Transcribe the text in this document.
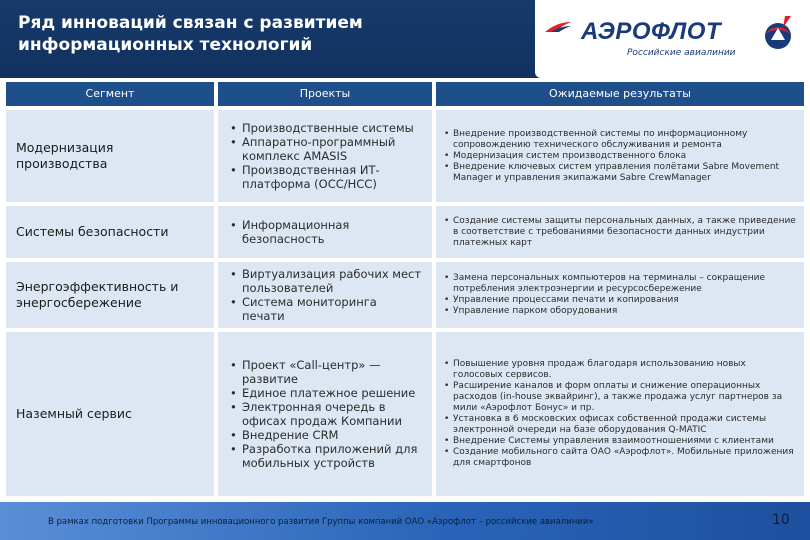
Ряд инноваций связан с развитием информационных технологий	АЭРОФЛОТ
Российские авиалинии
Сегмент	Проекты	Ожидаемые результаты
Модернизация производства
• Производственные системы
• Аппаратно-программный комплекс AMASIS
• Производственная ИТ-платформа (OCC/HCC)
• Внедрение производственной системы по информационному сопровождению технического обслуживания и ремонта
• Модернизация систем производственного блока
• Внедрение ключевых систем управления полётами Sabre Movement Manager и управления экипажами Sabre CrewManager
Системы безопасности
•	Информационная безопасность
• Создание системы защиты персональных данных, а также приведение в соответствие с требованиями безопасности данных индустрии платежных карт
Энергоэффективность и энергосбережение
• Виртуализация рабочих мест пользователей
• Система мониторинга печати
• Замена персональных компьютеров на терминалы – сокращение потребления электроэнергии и ресурсосбережение
• Управление процессами печати и копирования
• Управление парком оборудования
Наземный сервис
• Проект «Call-центр» — развитие
• Единое платежное решение
• Электронная очередь в офисах продаж Компании
• Внедрение CRM
• Разработка приложений для мобильных устройств
• Повышение уровня продаж благодаря использованию новых голосовых сервисов.
• Расширение каналов и форм оплаты и снижение операционных расходов (in-house эквайринг), а также продажа услуг партнеров за мили «Аэрофлот Бонус» и пр.
• Установка в 6 московских офисах собственной продажи системы электронной очереди на базе оборудования Q-MATIC
• Внедрение Системы управления взаимоотношениями с клиентами
• Создание мобильного сайта ОАО «Аэрофлот». Мобильные приложения для смартфонов
В рамках подготовки Программы инновационного развития Группы компаний ОАО «Аэрофлот – российские авиалинии»	10
